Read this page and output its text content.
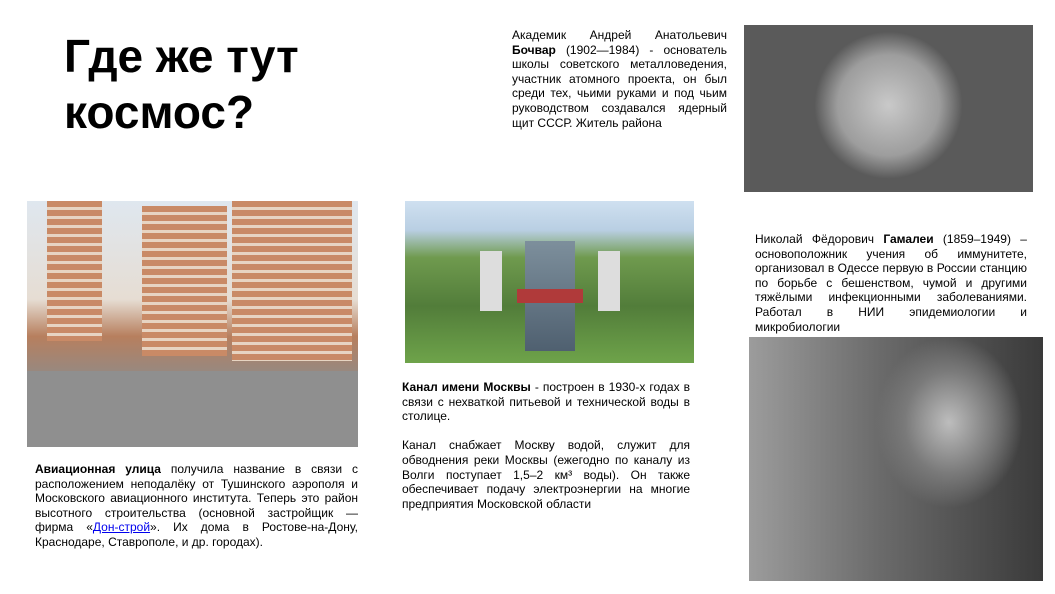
Где же тут
космос?
Академик Андрей Анатольевич Бочвар (1902—1984) - основатель школы советского металловедения, участник атомного проекта, он был среди тех, чьими руками и под чьим руководством создавался ядерный щит СССР. Житель района
Николай Фёдорович Гамалеи (1859–1949) – основоположник учения об иммунитете, организовал в Одессе первую в России станцию по борьбе с бешенством, чумой и другими тяжёлыми инфекционными заболеваниями. Работал в НИИ эпидемиологии и микробиологии
Авиационная улица получила название в связи с расположением неподалёку от Тушинского аэрополя и Московского авиационного института. Теперь это район высотного строительства (основной застройщик — фирма «Дон-строй». Их дома в Ростове-на-Дону, Краснодаре, Ставрополе, и др. городах).
Канал имени Москвы - построен в 1930-х годах в связи с нехваткой питьевой и технической воды в столице.
Канал снабжает Москву водой, служит для обводнения реки Москвы (ежегодно по каналу из Волги поступает 1,5–2 км³ воды). Он также обеспечивает подачу электроэнергии на многие предприятия Московской области
